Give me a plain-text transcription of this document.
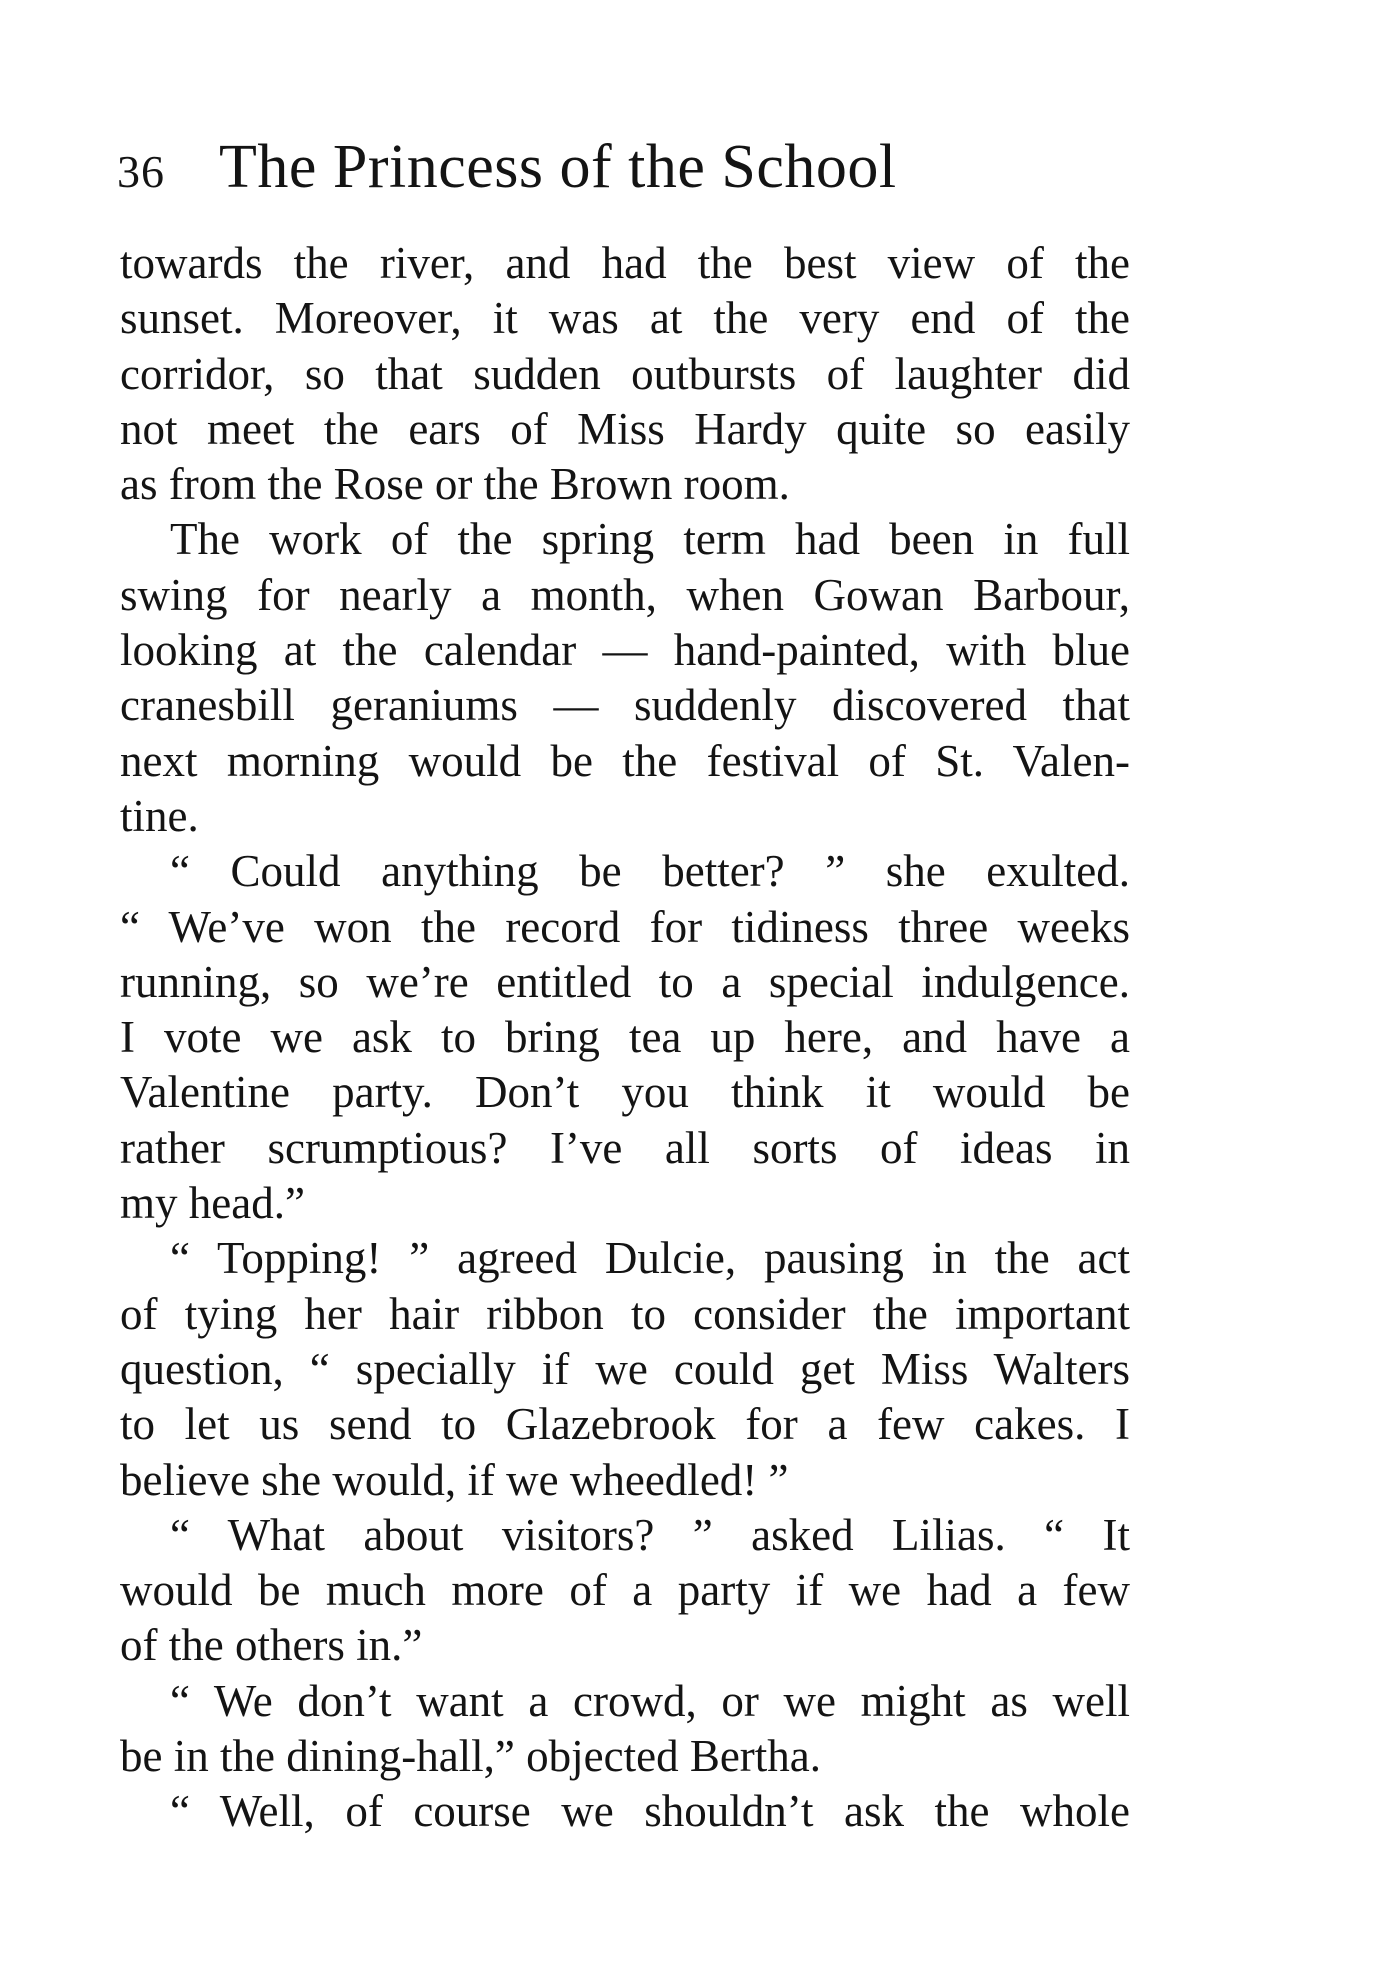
36 The Princess of the School
towards the river, and had the best view of the
sunset. Moreover, it was at the very end of the
corridor, so that sudden outbursts of laughter did
not meet the ears of Miss Hardy quite so easily
as from the Rose or the Brown room.
The work of the spring term had been in full
swing for nearly a month, when Gowan Barbour,
looking at the calendar — hand-painted, with blue
cranesbill geraniums — suddenly discovered that
next morning would be the festival of St. Valen-
tine.
“ Could anything be better? ” she exulted.
“ We’ve won the record for tidiness three weeks
running, so we’re entitled to a special indulgence.
I vote we ask to bring tea up here, and have a
Valentine party. Don’t you think it would be
rather scrumptious? I’ve all sorts of ideas in
my head.”
“ Topping! ” agreed Dulcie, pausing in the act
of tying her hair ribbon to consider the important
question, “ specially if we could get Miss Walters
to let us send to Glazebrook for a few cakes. I
believe she would, if we wheedled! ”
“ What about visitors? ” asked Lilias. “ It
would be much more of a party if we had a few
of the others in.”
“ We don’t want a crowd, or we might as well
be in the dining-hall,” objected Bertha.
“ Well, of course we shouldn’t ask the whole
